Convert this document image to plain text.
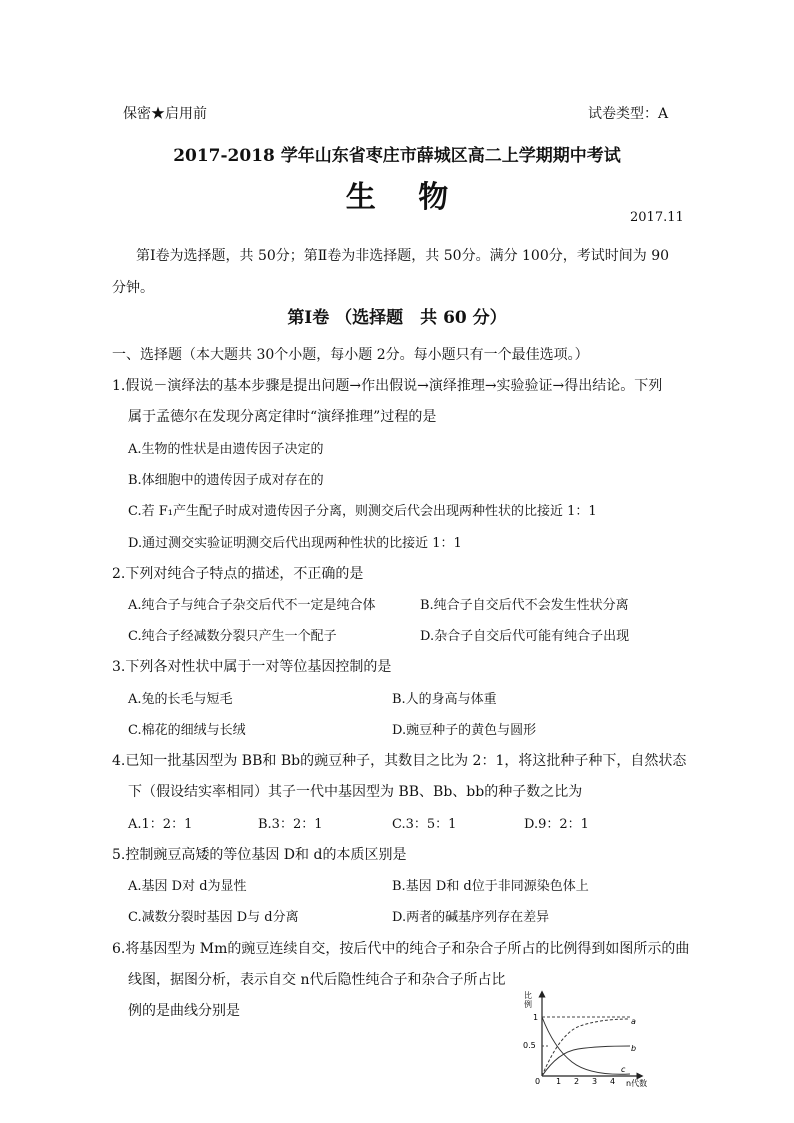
保密★启用前	试卷类型：A
2017-2018 学年山东省枣庄市薛城区高二上学期期中考试
生 物
2017.11
第Ⅰ卷为选择题，共 50分；第Ⅱ卷为非选择题，共 50分。满分 100分，考试时间为 90
分钟。
第Ⅰ卷 （选择题　共 60 分）
一、选择题（本大题共 30个小题，每小题 2分。每小题只有一个最佳选项。）
1.假说－演绎法的基本步骤是提出问题→作出假说→演绎推理→实验验证→得出结论。下列
属于孟德尔在发现分离定律时“演绎推理”过程的是
A.生物的性状是由遗传因子决定的
B.体细胞中的遗传因子成对存在的
C.若 F₁产生配子时成对遗传因子分离，则测交后代会出现两种性状的比接近 1：1
D.通过测交实验证明测交后代出现两种性状的比接近 1：1
2.下列对纯合子特点的描述，不正确的是
A.纯合子与纯合子杂交后代不一定是纯合体	B.纯合子自交后代不会发生性状分离
C.纯合子经减数分裂只产生一个配子	D.杂合子自交后代可能有纯合子出现
3.下列各对性状中属于一对等位基因控制的是
A.兔的长毛与短毛	B.人的身高与体重
C.棉花的细绒与长绒	D.豌豆种子的黄色与圆形
4.已知一批基因型为 BB和 Bb的豌豆种子，其数目之比为 2：1，将这批种子种下，自然状态
下（假设结实率相同）其子一代中基因型为 BB、Bb、bb的种子数之比为
A.1：2：1	B.3：2：1	C.3：5：1	D.9：2：1
5.控制豌豆高矮的等位基因 D和 d的本质区别是
A.基因 D对 d为显性	B.基因 D和 d位于非同源染色体上
C.减数分裂时基因 D与 d分离	D.两者的碱基序列存在差异
6.将基因型为 Mm的豌豆连续自交，按后代中的纯合子和杂合子所占的比例得到如图所示的曲
线图，据图分析，表示自交 n代后隐性纯合子和杂合子所占比
例的是曲线分别是
比例
n代数
1
0.5
0 1 2 3 4
a
b
c
